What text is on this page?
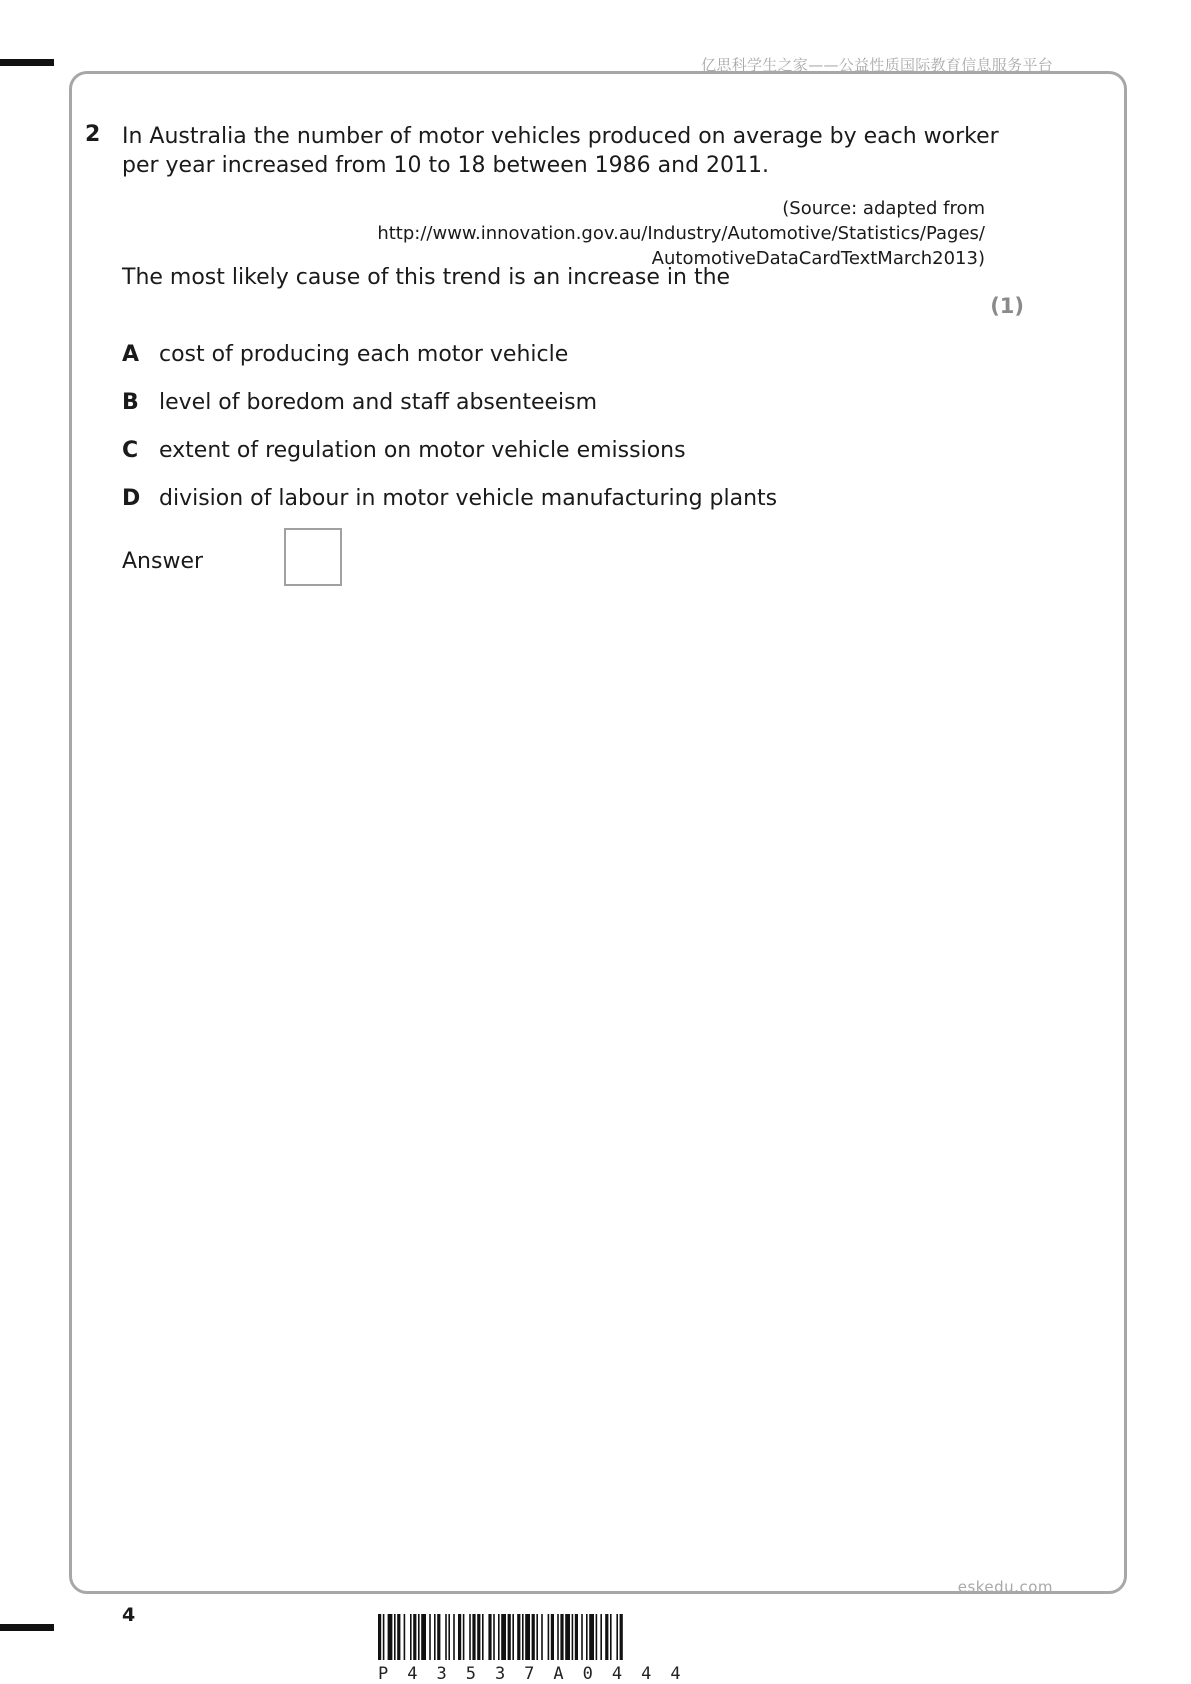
亿思科学生之家——公益性质国际教育信息服务平台
2 In Australia the number of motor vehicles produced on average by each worker per year increased from 10 to 18 between 1986 and 2011.
(Source: adapted from http://www.innovation.gov.au/Industry/Automotive/Statistics/Pages/
AutomotiveDataCardTextMarch2013)
The most likely cause of this trend is an increase in the
(1)
A cost of producing each motor vehicle
B level of boredom and staff absenteeism
C extent of regulation on motor vehicle emissions
D division of labour in motor vehicle manufacturing plants
Answer
eskedu.com
4
P43537A0444
